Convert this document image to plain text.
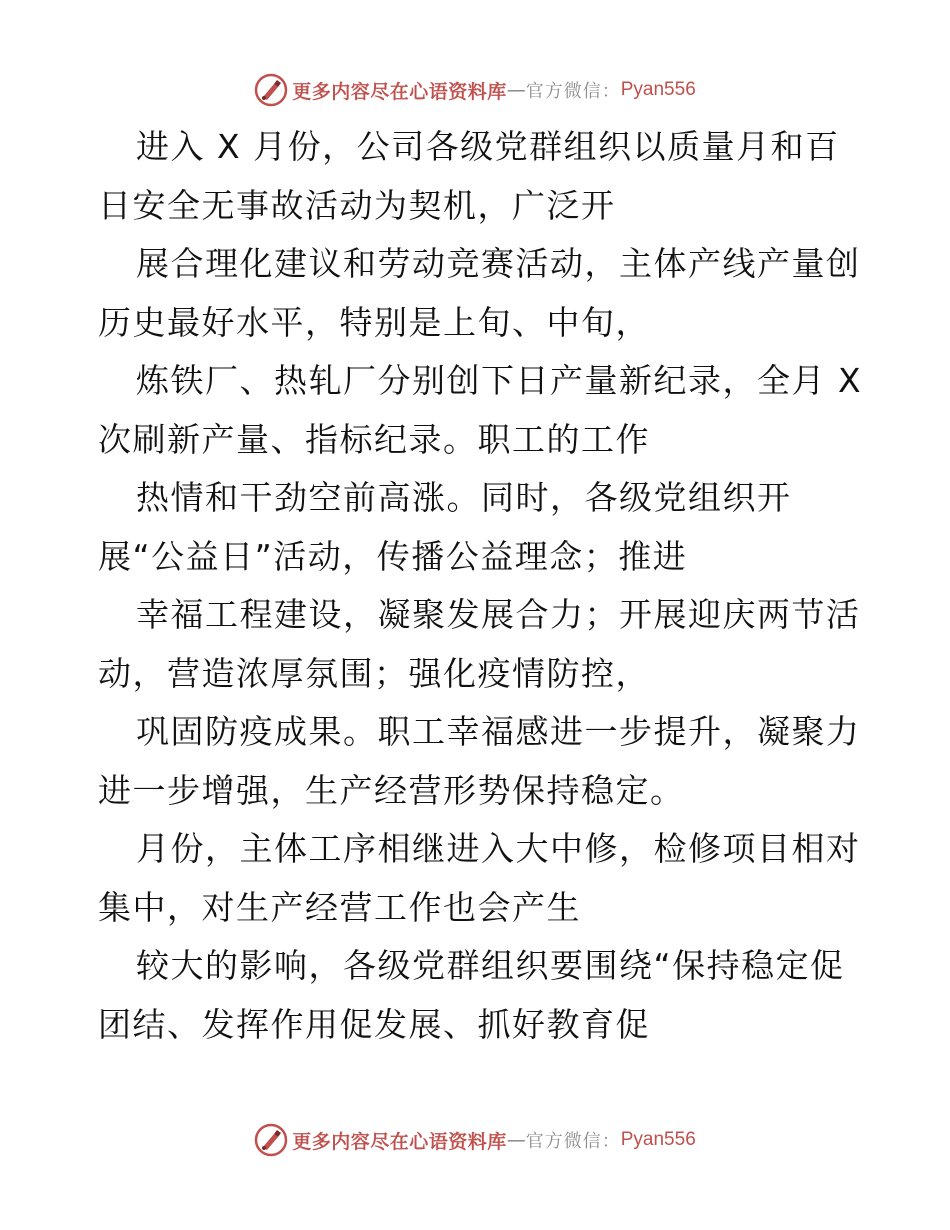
更多内容尽在心语资料库 — 官方微信： Pyan556
进入 X 月份，公司各级党群组织以质量月和百
日安全无事故活动为契机，广泛开
展合理化建议和劳动竞赛活动，主体产线产量创
历史最好水平，特别是上旬、中旬，
炼铁厂、热轧厂分别创下日产量新纪录，全月 X
次刷新产量、指标纪录。职工的工作
热情和干劲空前高涨。同时，各级党组织开
展“公益日”活动，传播公益理念；推进
幸福工程建设，凝聚发展合力；开展迎庆两节活
动，营造浓厚氛围；强化疫情防控，
巩固防疫成果。职工幸福感进一步提升，凝聚力
进一步增强，生产经营形势保持稳定。
月份，主体工序相继进入大中修，检修项目相对
集中，对生产经营工作也会产生
较大的影响，各级党群组织要围绕“保持稳定促
团结、发挥作用促发展、抓好教育促
更多内容尽在心语资料库 — 官方微信： Pyan556
